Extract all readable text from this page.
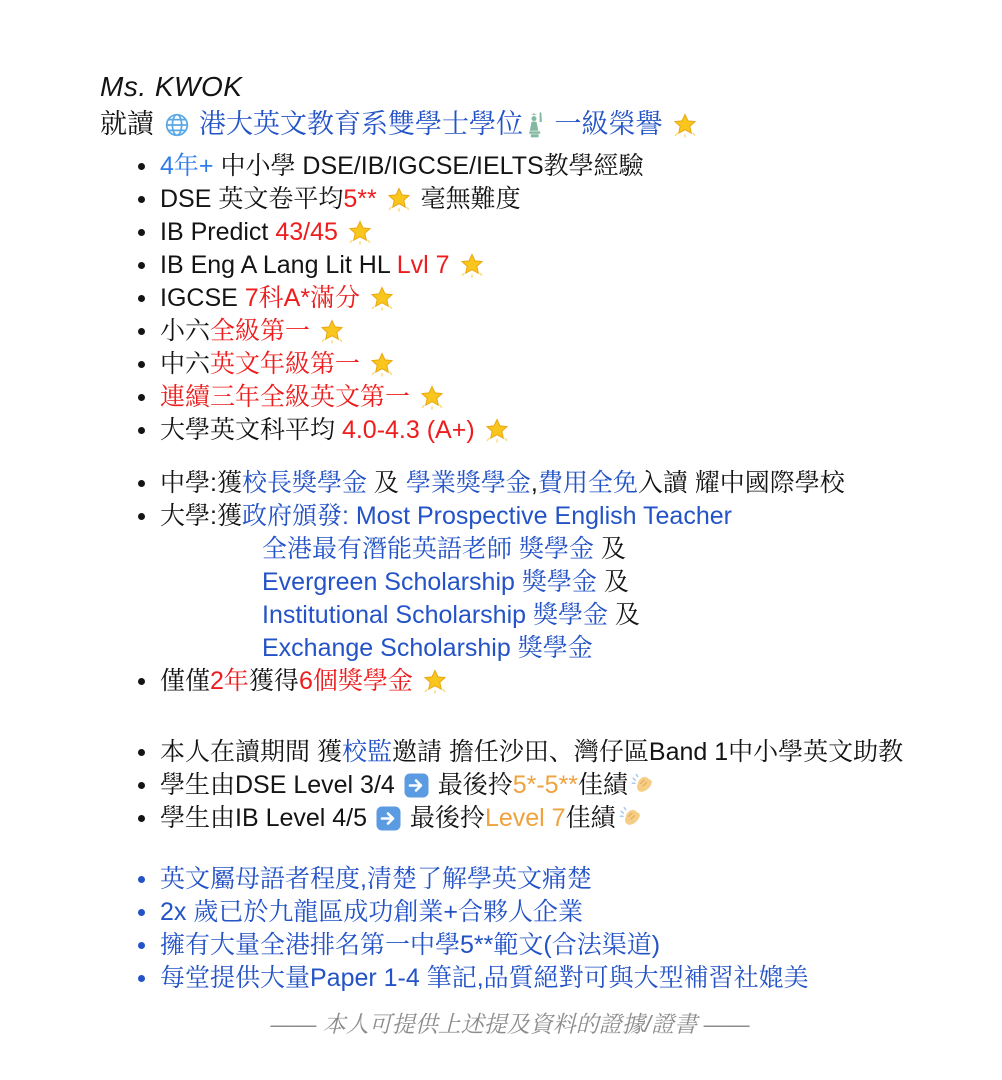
Ms. KWOK
就讀
港大英文教育系雙學士學位 一級榮譽
4年+ 中小學 DSE/IB/IGCSE/IELTS教學經驗
DSE 英文卷平均5**
毫無難度
IB Predict 43/45
IB Eng A Lang Lit HL Lvl 7
IGCSE 7科A*滿分
小六全級第一
中六英文年級第一
連續三年全級英文第一
大學英文科平均 4.0-4.3 (A+)
中學:獲校長獎學金 及 學業獎學金,費用全免入讀 耀中國際學校
大學:獲政府頒發: Most Prospective English Teacher
全港最有潛能英語老師 獎學金 及
Evergreen Scholarship 獎學金 及
Institutional Scholarship 獎學金 及
Exchange Scholarship 獎學金
僅僅2年獲得6個獎學金
本人在讀期間 獲校監邀請 擔任沙田、灣仔區Band 1中小學英文助教
學生由DSE Level 3/4
最後拎5*-5**佳績
學生由IB Level 4/5
最後拎Level 7佳績
英文屬母語者程度,清楚了解學英文痛楚
2x 歲已於九龍區成功創業+合夥人企業
擁有大量全港排名第一中學5**範文(合法渠道)
每堂提供大量Paper 1-4 筆記,品質絕對可與大型補習社媲美
—— 本人可提供上述提及資料的證據/證書 ——
